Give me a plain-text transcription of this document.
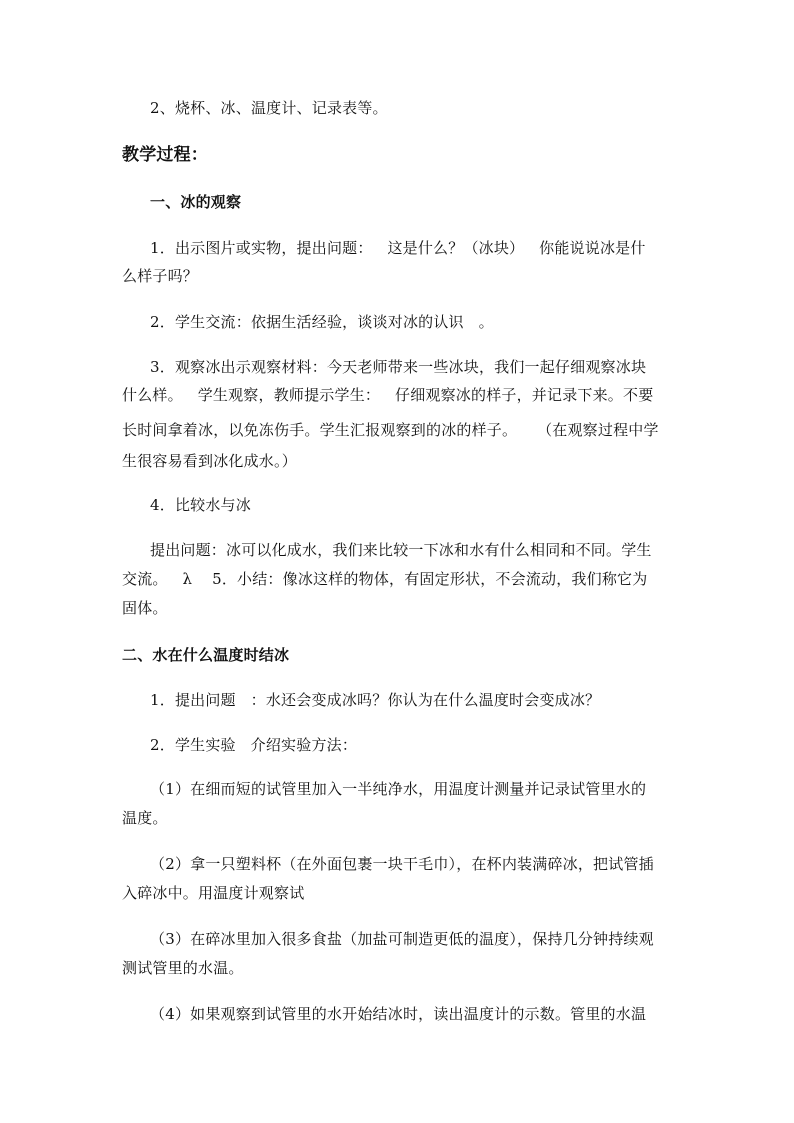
2、烧杯、冰、温度计、记录表等。
教学过程：
一、冰的观察
1．出示图片或实物，提出问题：   这是什么？（冰块）   你能说说冰是什
么样子吗？
2．学生交流：依据生活经验，谈谈对冰的认识   。
3．观察冰出示观察材料：今天老师带来一些冰块，我们一起仔细观察冰块
什么样。   学生观察，教师提示学生：   仔细观察冰的样子，并记录下来。不要
长时间拿着冰，以免冻伤手。学生汇报观察到的冰的样子。    （在观察过程中学
生很容易看到冰化成水。）
4．比较水与冰
提出问题：冰可以化成水，我们来比较一下冰和水有什么相同和不同。学生
交流。   λ    5．小结：像冰这样的物体，有固定形状，不会流动，我们称它为
固体。
二、水在什么温度时结冰
1．提出问题   ：水还会变成冰吗？你认为在什么温度时会变成冰？
2．学生实验   介绍实验方法：
（1）在细而短的试管里加入一半纯净水，用温度计测量并记录试管里水的
温度。
（2）拿一只塑料杯（在外面包裹一块干毛巾），在杯内装满碎冰，把试管插
入碎冰中。用温度计观察试
（3）在碎冰里加入很多食盐（加盐可制造更低的温度），保持几分钟持续观
测试管里的水温。
（4）如果观察到试管里的水开始结冰时，读出温度计的示数。管里的水温
